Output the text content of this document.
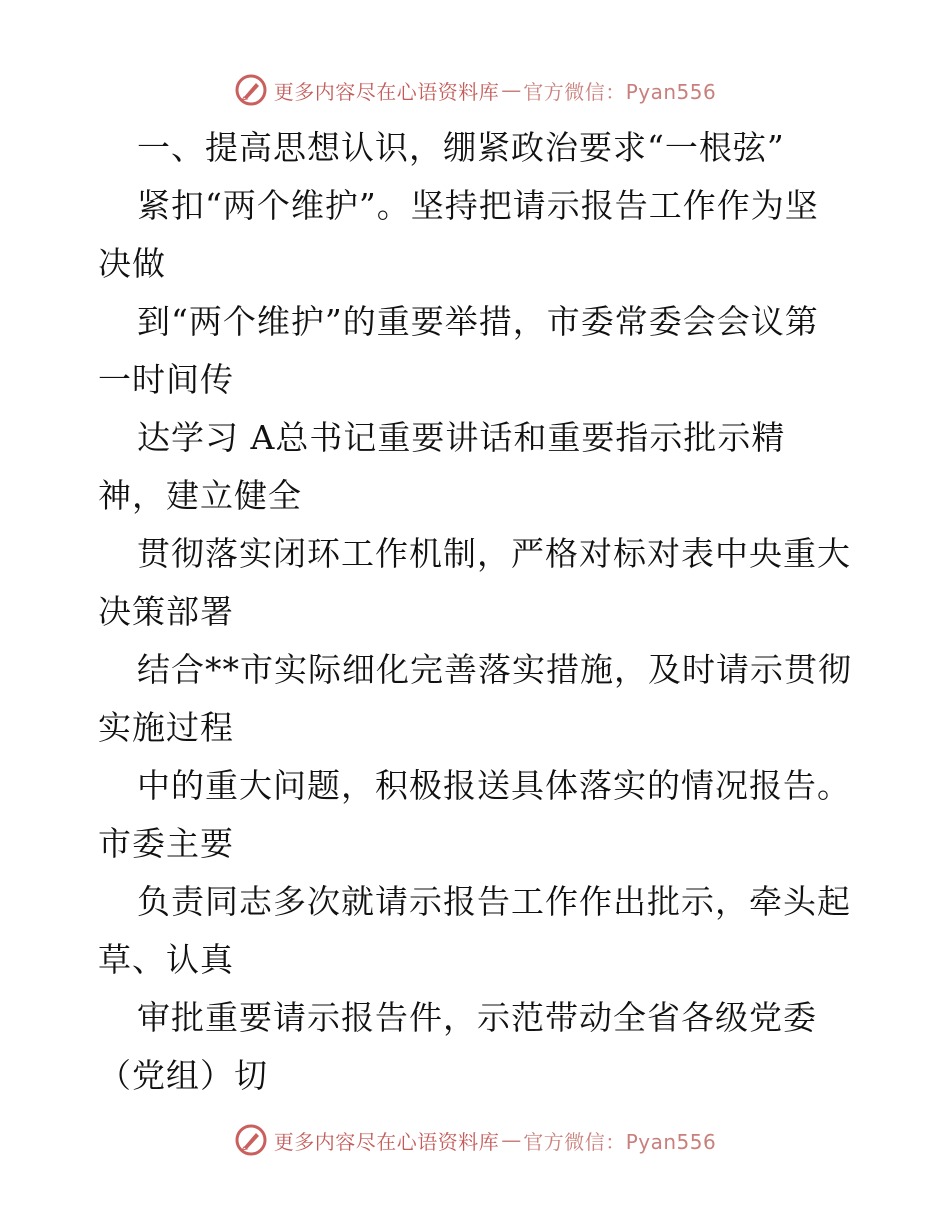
更多内容尽在心语资料库 — 官方微信：Pyan556
一、提高思想认识，绷紧政治要求“一根弦”
紧扣“两个维护”。坚持把请示报告工作作为坚
决做
到“两个维护”的重要举措，市委常委会会议第
一时间传
达学习 A总书记重要讲话和重要指示批示精
神，建立健全
贯彻落实闭环工作机制，严格对标对表中央重大
决策部署
结合**市实际细化完善落实措施，及时请示贯彻
实施过程
中的重大问题，积极报送具体落实的情况报告。
市委主要
负责同志多次就请示报告工作作出批示，牵头起
草、认真
审批重要请示报告件，示范带动全省各级党委
（党组）切
更多内容尽在心语资料库 — 官方微信：Pyan556
